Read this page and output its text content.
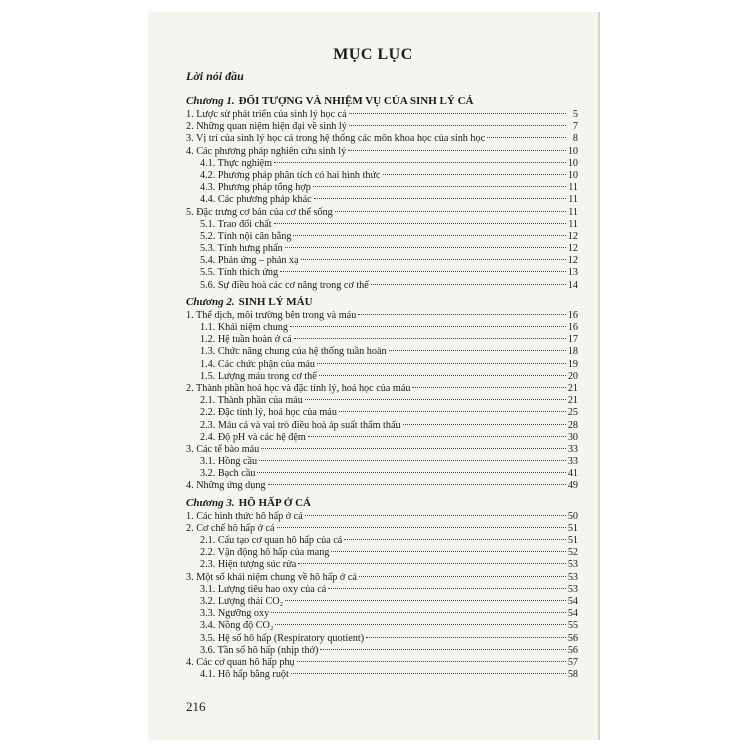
MỤC LỤC
Lời nói đầu
Chương 1. ĐỐI TƯỢNG VÀ NHIỆM VỤ CỦA SINH LÝ CÁ
1. Lược sử phát triển của sinh lý học cá	5
2. Những quan niệm hiện đại về sinh lý	7
3. Vị trí của sinh lý học cá trong hệ thống các môn khoa học của sinh học	8
4. Các phương pháp nghiên cứu sinh lý	10
4.1. Thực nghiệm	10
4.2. Phương pháp phân tích có hai hình thức	10
4.3. Phương pháp tổng hợp	11
4.4. Các phương pháp khác	11
5. Đặc trưng cơ bản của cơ thể sống	11
5.1. Trao đổi chất	11
5.2. Tính nội cân bằng	12
5.3. Tính hưng phấn	12
5.4. Phản ứng – phản xạ	12
5.5. Tính thích ứng	13
5.6. Sự điều hoà các cơ năng trong cơ thể	14
Chương 2. SINH LÝ MÁU
1. Thể dịch, môi trường bên trong và máu	16
1.1. Khái niệm chung	16
1.2. Hệ tuần hoàn ở cá	17
1.3. Chức năng chung của hệ thống tuần hoàn	18
1.4. Các chức phận của máu	19
1.5. Lượng máu trong cơ thể	20
2. Thành phần hoá học và đặc tính lý, hoá học của máu	21
2.1. Thành phần của máu	21
2.2. Đặc tính lý, hoá học của máu	25
2.3. Máu cá và vai trò điều hoà áp suất thẩm thấu	28
2.4. Độ pH và các hệ đệm	30
3. Các tế bào máu	33
3.1. Hồng cầu	33
3.2. Bạch cầu	41
4. Những ứng dụng	49
Chương 3. HÔ HẤP Ở CÁ
1. Các hình thức hô hấp ở cá	50
2. Cơ chế hô hấp ở cá	51
2.1. Cấu tạo cơ quan hô hấp của cá	51
2.2. Vận động hô hấp của mang	52
2.3. Hiện tượng súc rửa	53
3. Một số khái niệm chung về hô hấp ở cá	53
3.1. Lượng tiêu hao oxy của cá	53
3.2. Lượng thải CO₂	54
3.3. Ngưỡng oxy	54
3.4. Nồng độ CO₂	55
3.5. Hệ số hô hấp (Respiratory quotient)	56
3.6. Tần số hô hấp (nhịp thở)	56
4. Các cơ quan hô hấp phụ	57
4.1. Hô hấp bằng ruột	58
216
